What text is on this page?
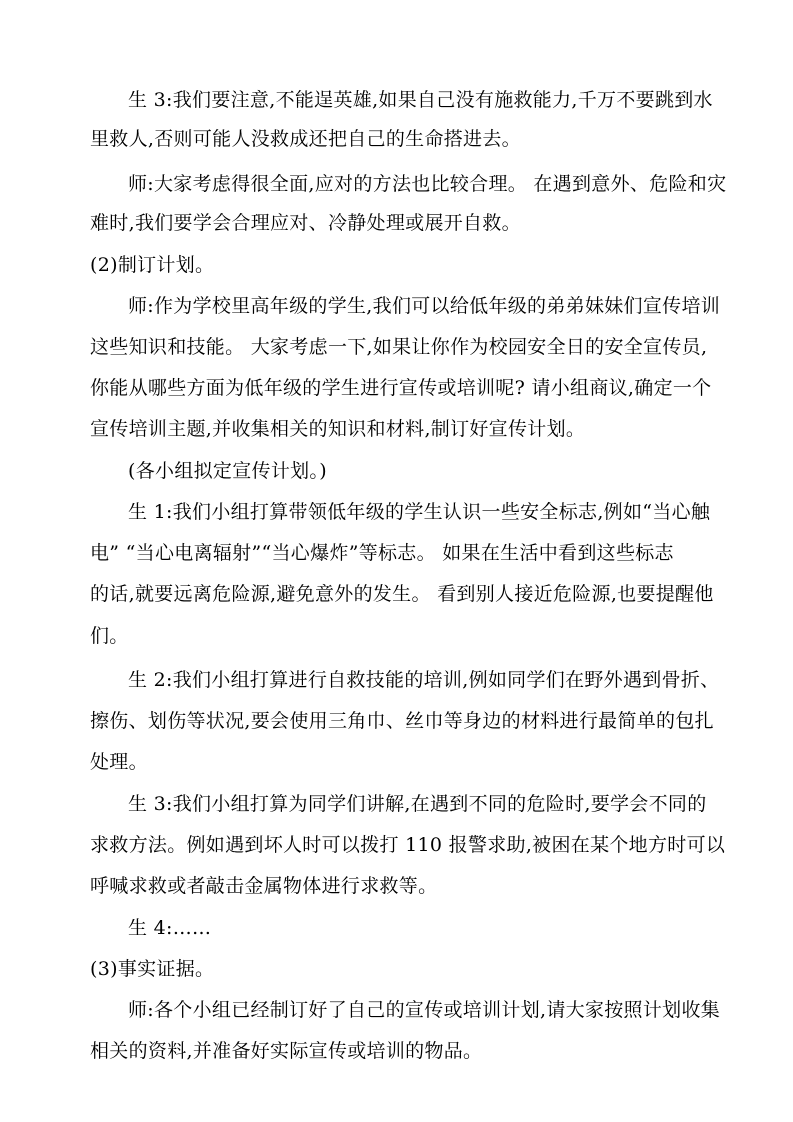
生 3:我们要注意,不能逞英雄,如果自己没有施救能力,千万不要跳到水
里救人,否则可能人没救成还把自己的生命搭进去。
师:大家考虑得很全面,应对的方法也比较合理。 在遇到意外、危险和灾
难时,我们要学会合理应对、冷静处理或展开自救。
(2)制订计划。
师:作为学校里高年级的学生,我们可以给低年级的弟弟妹妹们宣传培训
这些知识和技能。 大家考虑一下,如果让你作为校园安全日的安全宣传员,
你能从哪些方面为低年级的学生进行宣传或培训呢? 请小组商议,确定一个
宣传培训主题,并收集相关的知识和材料,制订好宣传计划。
(各小组拟定宣传计划。)
生 1:我们小组打算带领低年级的学生认识一些安全标志,例如“当心触
电” “当心电离辐射”“当心爆炸”等标志。 如果在生活中看到这些标志
的话,就要远离危险源,避免意外的发生。 看到别人接近危险源,也要提醒他
们。
生 2:我们小组打算进行自救技能的培训,例如同学们在野外遇到骨折、
擦伤、划伤等状况,要会使用三角巾、丝巾等身边的材料进行最简单的包扎
处理。
生 3:我们小组打算为同学们讲解,在遇到不同的危险时,要学会不同的
求救方法。例如遇到坏人时可以拨打 110 报警求助,被困在某个地方时可以
呼喊求救或者敲击金属物体进行求救等。
生 4:……
(3)事实证据。
师:各个小组已经制订好了自己的宣传或培训计划,请大家按照计划收集
相关的资料,并准备好实际宣传或培训的物品。
